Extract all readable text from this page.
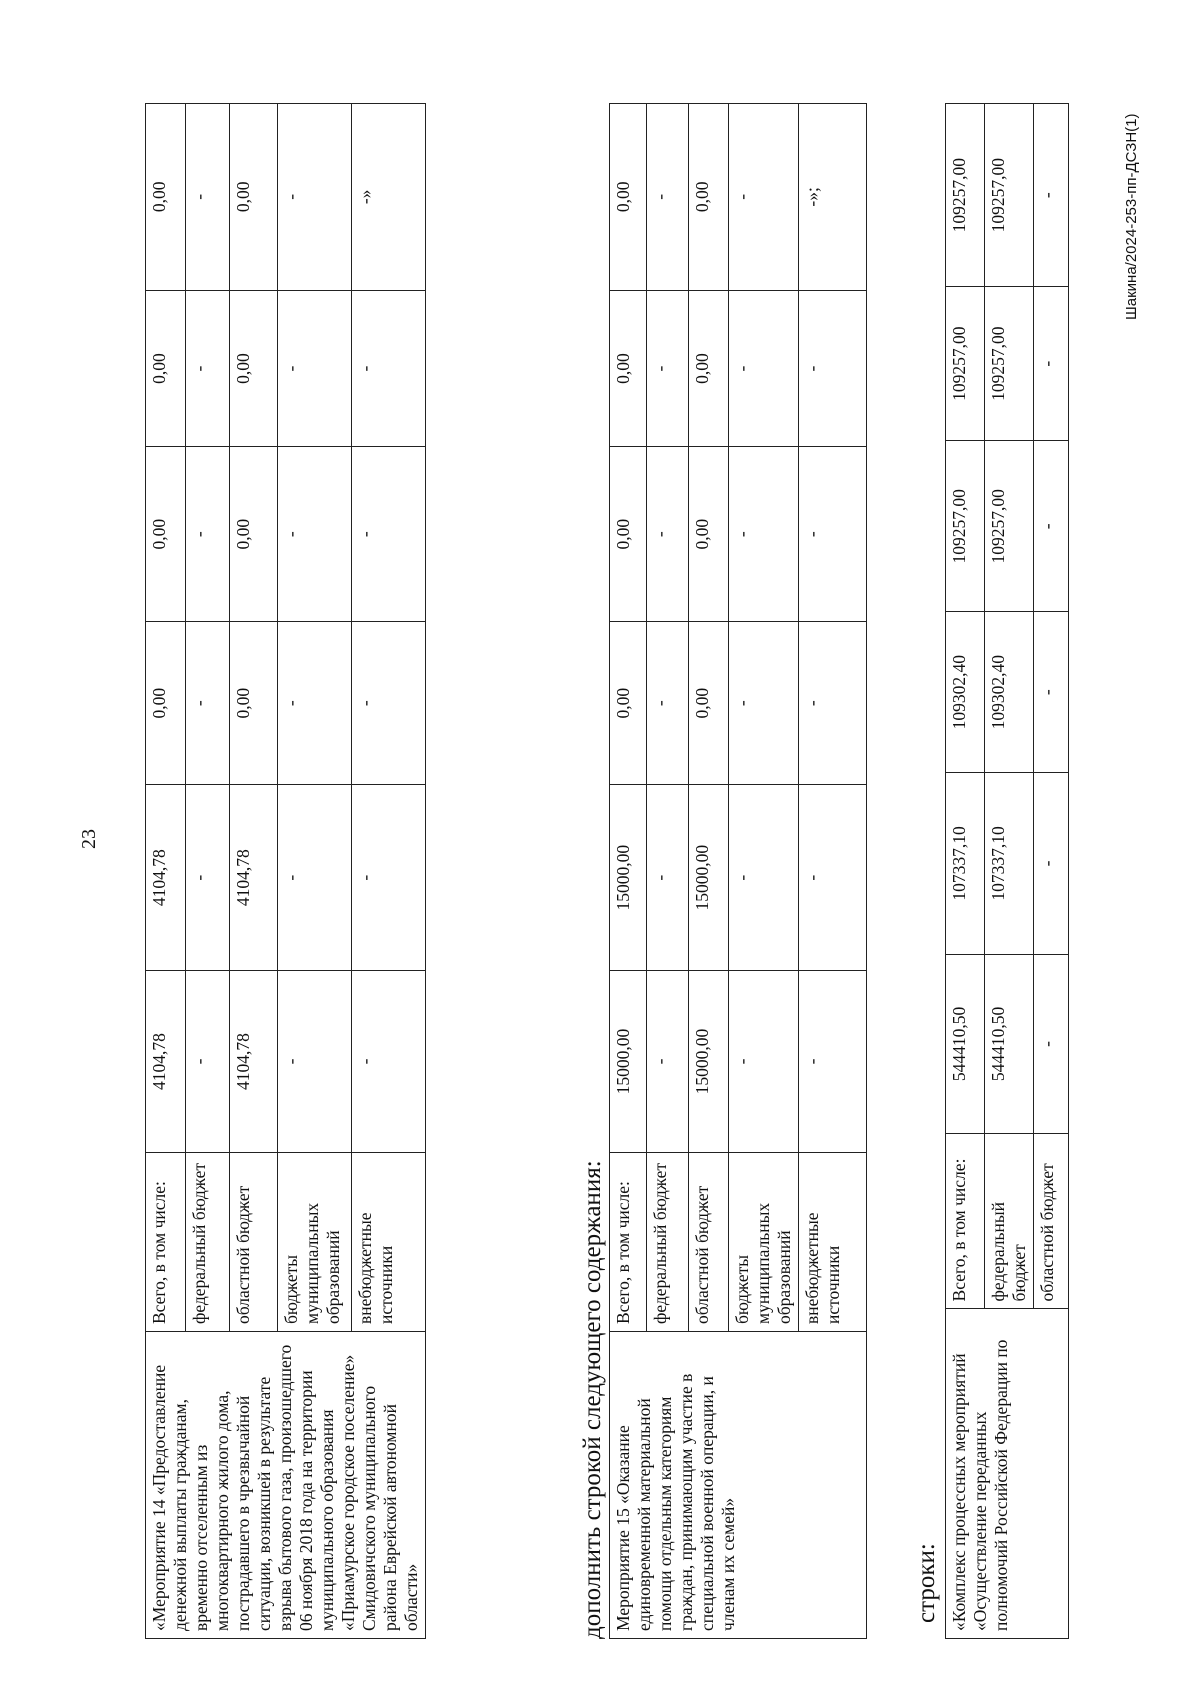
23
«Мероприятие 14 «Предоставление денежной выплаты гражданам, временно отселенным из многоквартирного жилого дома, пострадавшего в чрезвычайной ситуации, возникшей в результате взрыва бытового газа, произошедшего 06 ноября 2018 года на территории муниципального образования «Приамурское городское поселение» Смидовичского муниципального района Еврейской автономной области»	Всего, в том числе:	4104,78	4104,78	0,00	0,00	0,00	0,00
	федеральный бюджет	-	-	-	-	-	-
	областной бюджет	4104,78	4104,78	0,00	0,00	0,00	0,00
	бюджеты муниципальных образований	-	-	-	-	-	-
	внебюджетные источники	-	-	-	-	-	-»
дополнить строкой следующего содержания: Мероприятие 15 «Оказание единовременной материальной помощи отдельным категориям граждан, принимающим участие в специальной военной операции, и членам их семей»	Всего, в том числе:	15000,00	15000,00	0,00	0,00	0,00	0,00
	федеральный бюджет	-	-	-	-	-	-
	областной бюджет	15000,00	15000,00	0,00	0,00	0,00	0,00
	бюджеты муниципальных образований	-	-	-	-	-	-
	внебюджетные источники	-	-	-	-	-	-»;
строки: «Комплекс процессных мероприятий «Осуществление переданных полномочий Российской Федерации по	Всего, в том числе:	544410,50	107337,10	109302,40	109257,00	109257,00	109257,00
	федеральный бюджет	544410,50	107337,10	109302,40	109257,00	109257,00	109257,00
	областной бюджет	-	-	-	-	-	-	Шакина/2024-253-пп-ДСЗН(1)
